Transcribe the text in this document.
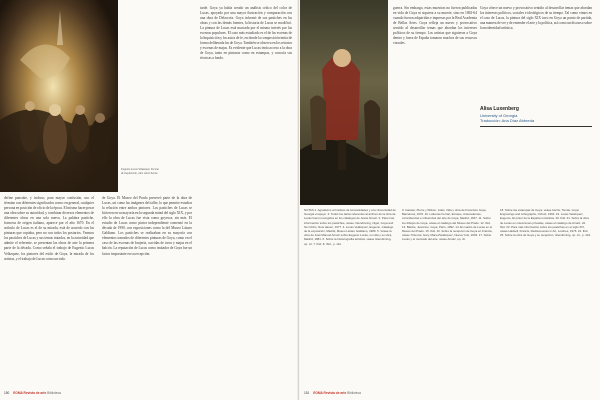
Eugenio Lucas Velázquez, Escena de Inquisición, óleo sobre lienzo.

define pancake, y incluso, para mayor confusión, uso el término con diferentes significados como: en general, cualquier persona en posición de oficio de la época. El mismo hacer pesar una obra sobre su autoridad, y combinar diversos elementos de diferentes obras en una sola nueva. La palabra pastiche, francesa de origen italiano, aparece por el año 1670. En el artículo de Lucas es el de su mirada, está de acuerdo con las pinturas que copiaba, pero no con todos los postarios. Veamos los pastiches de Lucas y sus temas tratados, en la autoridad que admite el referente, se presentan las obras de arte la primera parte de la década. Como señala el trabajo de Eugenio Lucas Velázquez, los pintores del estilo de Goya, la mirada de los artistas, y el trabajo de Lucas como un todo.

de Goya. El Museo del Prado preservó parte de la obra de Lucas, así como las imágenes del taller, lo que permite estudiar la relación entre ambos pintores. Los pastiches de Lucas se hicieron en su mayoría en la segunda mitad del siglo XIX, y por ello la obra de Lucas fue vista como goyesca, sin más. El estudio de Lucas como pintor independiente comenzó en la década de 1990, con exposiciones como la del Museo Lázaro Galdiano. Los pastiches se realizaban en su mayoría con elementos tomados de diferentes pinturas de Goya, como en el caso de las escenas de brujería, corridas de toros y majas en el balcón. La reputación de Lucas como imitador de Goya fue un factor importante en su recepción.

tarde. Goya ya había creado un análisis crítico del color de Lucas, apoyado por una mayor ilustración y comparación con una obra de Delacroix. Goya informó de sus pastiches en las obras y con las demás fuentes, la historia de Lucas se modificó. La pintura de Lucas está marcada por el mismo interés por las escenas populares. El caso más estudiado es el de las escenas de la Inquisición y los autos de fe, en donde la composición imita de forma deliberada las de Goya. También se observa en los retratos y escenas de majas. Es evidente que Lucas tenía acceso a la obra de Goya, tanto en pinturas como en estampas, y conocía sus técnicas a fondo.

150 EOMA Revista de arte Biblioteca

guerra. Sin embargo, estas muestras no fueron publicadas en vida de Goya ni siquiera a su muerte, sino en 1863-64 cuando fueron adquiridas e impresas por la Real Academia de Bellas Artes. Goya refleja un nuevo y provocativo sentido al desarrollar temas que abordan los intereses políticos de su tiempo. Los artistas que siguieron a Goya dentro y fuera de España tomaron muchos de sus recursos visuales.

Goya ofrece un nuevo y provocativo sentido al desarrollar temas que abordan los intereses políticos, sociales e ideológicos de su tiempo. Tal como vimos en el caso de Lucas, la pintura del siglo XIX tuvo en Goya un punto de partida, una manera de ver y de entender el arte y la política, así como un discurso sobre la modernidad artística.

Alisa Luxenberg
University of Georgia
Traducción: Ana Díaz Abbreda

NOTAS 1. Agradezco al Instituto de Humanidades y a la Universidad de Georgia el apoyo. 2. Todos los datos referentes al archivo de la obra de Lucas fueron recogidos en los catálogos de Jesús Arnaiz. 3. Para más información sobre los pastiches, véase: Glendinning, Nigel, Goya and his Critics, New Haven, 1977. 4. Lucas Velázquez, Eugenio, Catálogo de la exposición, Madrid, Museo Lázaro Galdiano, 1989. 5. Véase la obra de José Manuel Arnaiz sobre Eugenio Lucas, su vida y su obra, Madrid, 1981. 6. Sobre la historiografía artística, véase Glendinning, op. cit. 7. Ibid. 8. Ibid., p. 112.

9. Gassier, Pierre y Wilson, Juliet, Vida y obra de Francisco Goya, Barcelona, 1970. 10. Lafuente Ferrari, Enrique, Antecedentes, coincidencias e influencias del arte de Goya, Madrid, 1947. 11. Sobre los dibujos de Goya, véase el catálogo del Museo del Prado. 12. Ibid. 13. Baticle, Jeannine, Goya, París, 1992. 14. El cuadro de Lucas en el Museo del Prado. 15. Ibid. 16. Sobre la recepción de Goya en Francia, véase Tinterow, Gary, Manet/Velázquez, Nueva York, 2003. 17. Sobre Lucas y el mercado del arte, véase Arnaiz, op. cit.

18. Sobre las estampas de Goya, véase Harris, Tomás, Goya: Engravings and Lithographs, Oxford, 1964. 19. Lucas Velázquez, Eugenio, El pintor de la España romántica. 20. Ibid. 21. Sobre la obra de Lucas en colecciones privadas, véase el catálogo de Arnaiz. 22. Ibid. 23. Para más información sobre los pastiches en el siglo XIX, véase Haskell, Francis, Rediscoveries in Art, Londres, 1976. 24. Ibid. 25. Sobre la obra de Goya y su recepción, Glendinning, op. cit., p. 201.

151 EOMA Revista de arte Biblioteca
